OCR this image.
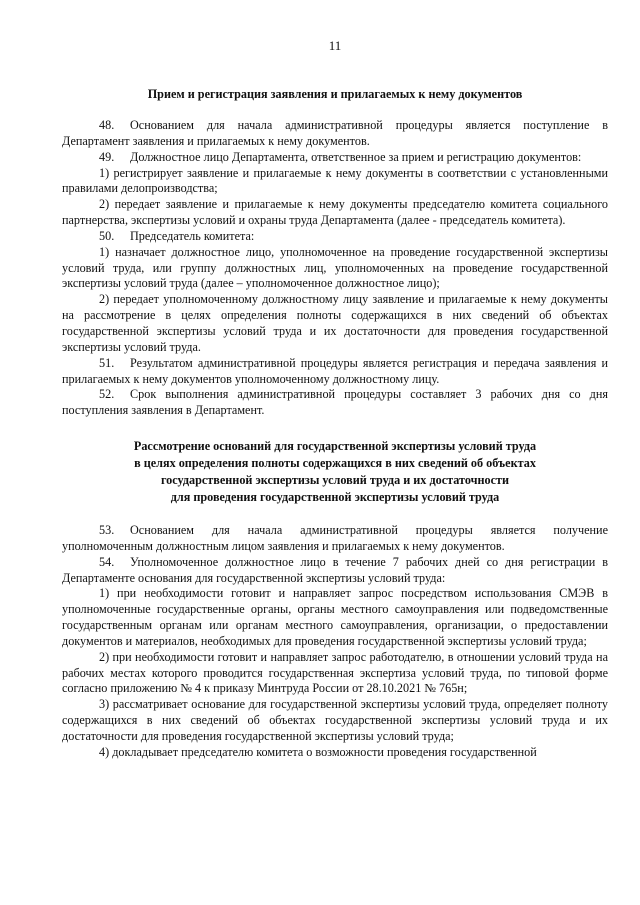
11
Прием и регистрация заявления и прилагаемых к нему документов

48. Основанием для начала административной процедуры является поступление в Департамент заявления и прилагаемых к нему документов.

49. Должностное лицо Департамента, ответственное за прием и регистрацию документов:

1) регистрирует заявление и прилагаемые к нему документы в соответствии с установленными правилами делопроизводства;

2) передает заявление и прилагаемые к нему документы председателю комитета социального партнерства, экспертизы условий и охраны труда Департамента (далее - председатель комитета).

50. Председатель комитета:

1) назначает должностное лицо, уполномоченное на проведение государственной экспертизы условий труда, или группу должностных лиц, уполномоченных на проведение государственной экспертизы условий труда (далее – уполномоченное должностное лицо);

2) передает уполномоченному должностному лицу заявление и прилагаемые к нему документы на рассмотрение в целях определения полноты содержащихся в них сведений об объектах государственной экспертизы условий труда и их достаточности для проведения государственной экспертизы условий труда.

51. Результатом административной процедуры является регистрация и передача заявления и прилагаемых к нему документов уполномоченному должностному лицу.

52. Срок выполнения административной процедуры составляет 3 рабочих дня со дня поступления заявления в Департамент.

Рассмотрение оснований для государственной экспертизы условий труда
в целях определения полноты содержащихся в них сведений об объектах
государственной экспертизы условий труда и их достаточности
для проведения государственной экспертизы условий труда

53. Основанием для начала административной процедуры является получение уполномоченным должностным лицом заявления и прилагаемых к нему документов.

54. Уполномоченное должностное лицо в течение 7 рабочих дней со дня регистрации в Департаменте основания для государственной экспертизы условий труда:

1) при необходимости готовит и направляет запрос посредством использования СМЭВ в уполномоченные государственные органы, органы местного самоуправления или подведомственные государственным органам или органам местного самоуправления, организации, о предоставлении документов и материалов, необходимых для проведения государственной экспертизы условий труда;

2) при необходимости готовит и направляет запрос работодателю, в отношении условий труда на рабочих местах которого проводится государственная экспертиза условий труда, по типовой форме согласно приложению № 4 к приказу Минтруда России от 28.10.2021 № 765н;

3) рассматривает основание для государственной экспертизы условий труда, определяет полноту содержащихся в них сведений об объектах государственной экспертизы условий труда и их достаточности для проведения государственной экспертизы условий труда;

4) докладывает председателю комитета о возможности проведения государственной
